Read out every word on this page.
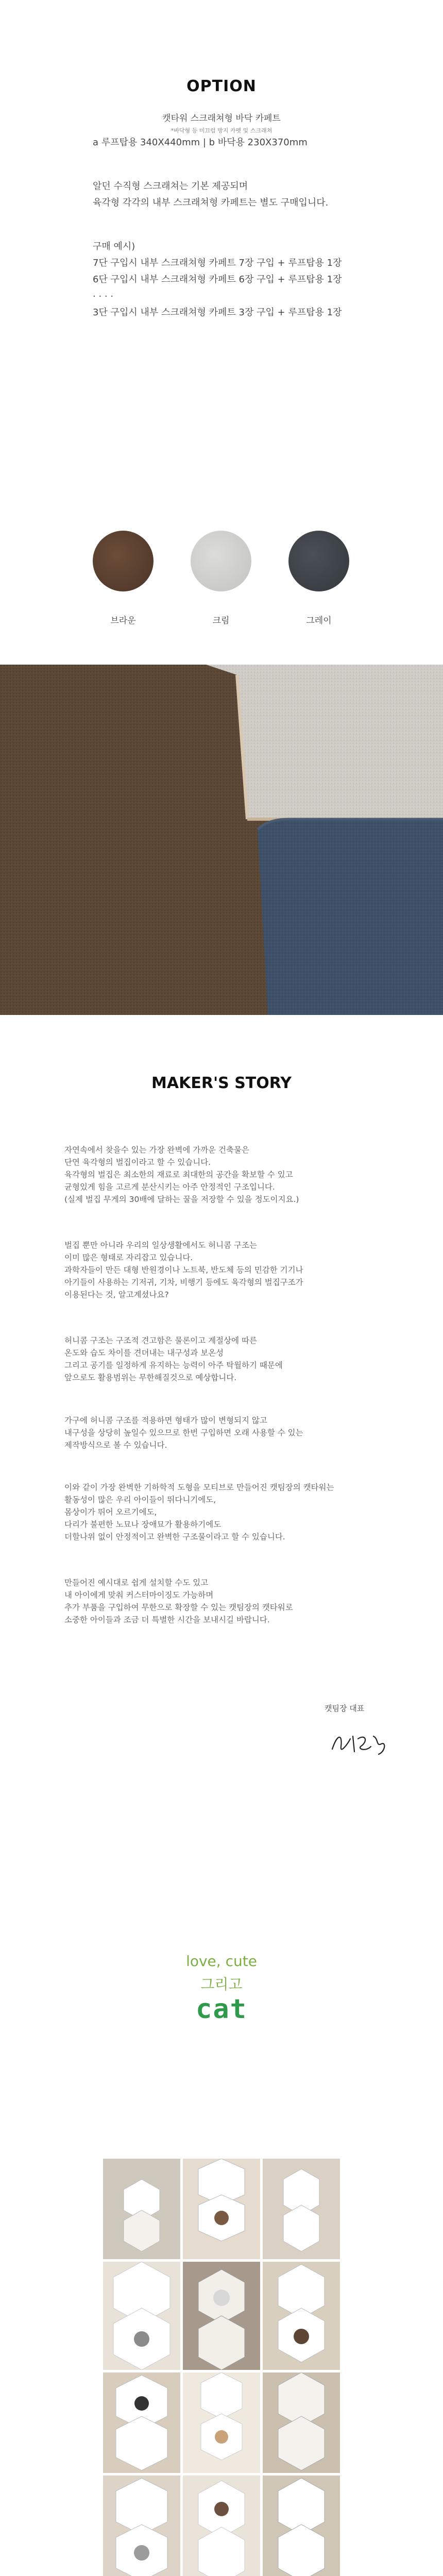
OPTION
캣타워 스크래쳐형 바닥 카페트
*바닥형 등 미끄럼 방지 카펫 및 스크래쳐
a 루프탑용 340X440mm | b 바닥용 230X370mm
알던 수직형 스크래쳐는 기본 제공되며
육각형 각각의 내부 스크래쳐형 카페트는 별도 구매입니다.
구매 예시)
7단 구입시 내부 스크래쳐형 카페트 7장 구입 + 루프탑용 1장
6단 구입시 내부 스크래쳐형 카페트 6장 구입 + 루프탑용 1장
. . . .
3단 구입시 내부 스크래쳐형 카페트 3장 구입 + 루프탑용 1장
브라운	크림	그레이
MAKER'S STORY

자연속에서 찾을수 있는 가장 완벽에 가까운 건축물은
단연 육각형의 벌집이라고 할 수 있습니다.
육각형의 벌집은 최소한의 재료로 최대한의 공간을 확보할 수 있고
균형있게 힘을 고르게 분산시키는 아주 안정적인 구조입니다.
(실제 벌집 무게의 30배에 달하는 꿀을 저장할 수 있을 정도이지요.)

벌집 뿐만 아니라 우리의 일상생활에서도 허니콤 구조는
이미 많은 형태로 자리잡고 있습니다.
과학자들이 만든 대형 반원경이나 노트북, 반도체 등의 민감한 기기나
아기들이 사용하는 기저귀, 기차, 비행기 등에도 육각형의 벌집구조가
이용된다는 것, 알고계셨나요?

허니콤 구조는 구조적 견고함은 물론이고 계절상에 따른
온도와 습도 차이를 견뎌내는 내구성과 보온성
그리고 공기를 일정하게 유지하는 능력이 아주 탁월하기 때문에
앞으로도 활용범위는 무한해질것으로 예상합니다.

가구에 허니콤 구조를 적용하면 형태가 많이 변형되지 않고
내구성을 상당히 높일수 있으므로 한번 구입하면 오래 사용할 수 있는
제작방식으로 볼 수 있습니다.

이와 같이 가장 완벽한 기하학적 도형을 모티브로 만들어진 캣팀장의 캣타워는
활동성이 많은 우리 아이들이 뛰다니기에도,
몸상이가 뛰어 오르기에도,
다리가 불편한 노묘나 장애묘가 활용하기에도
더할나위 없이 안정적이고 완벽한 구조물이라고 할 수 있습니다.

만들어진 예시대로 쉽게 설치할 수도 있고
내 아이에게 맞춰 커스터마이징도 가능하며
추가 부품을 구입하여 무한으로 확장할 수 있는 캣팀장의 캣타워로
소중한 아이들과 조금 더 특별한 시간을 보내시길 바랍니다.

캣팀장 대표
love, cute
그리고
cat
